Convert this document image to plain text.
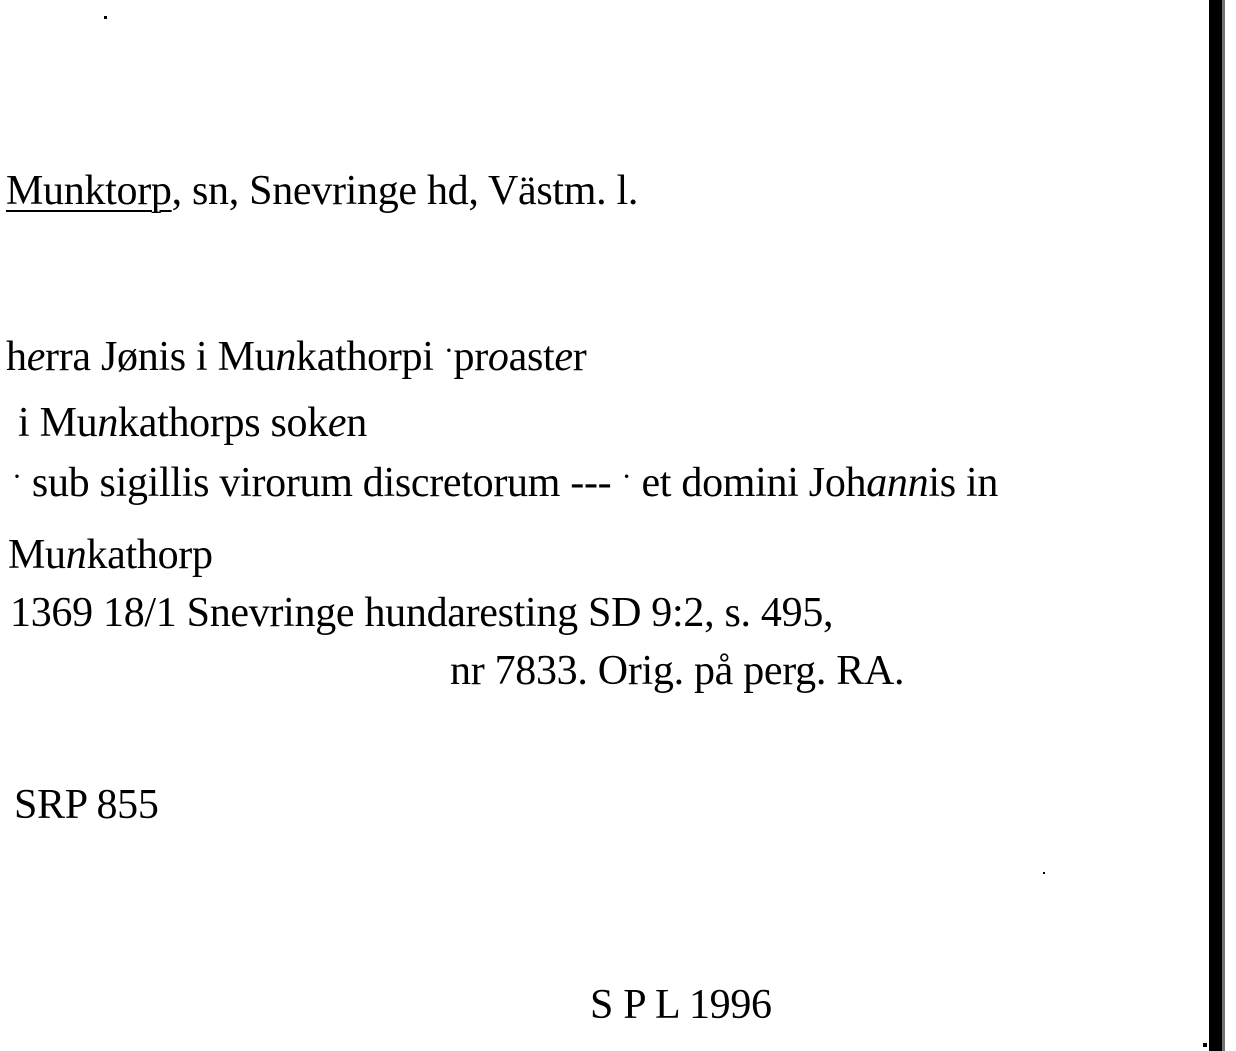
Munktorp, sn, Snevringe hd, Västm. l.
herra Jønis i Munkathorpi ·proaster
i Munkathorps soken
· sub sigillis virorum discretorum --- · et domini Johannis in
Munkathorp
1369 18/1 Snevringe hundaresting SD 9:2, s. 495,
nr 7833. Orig. på perg. RA.
SRP 855
S P L 1996
